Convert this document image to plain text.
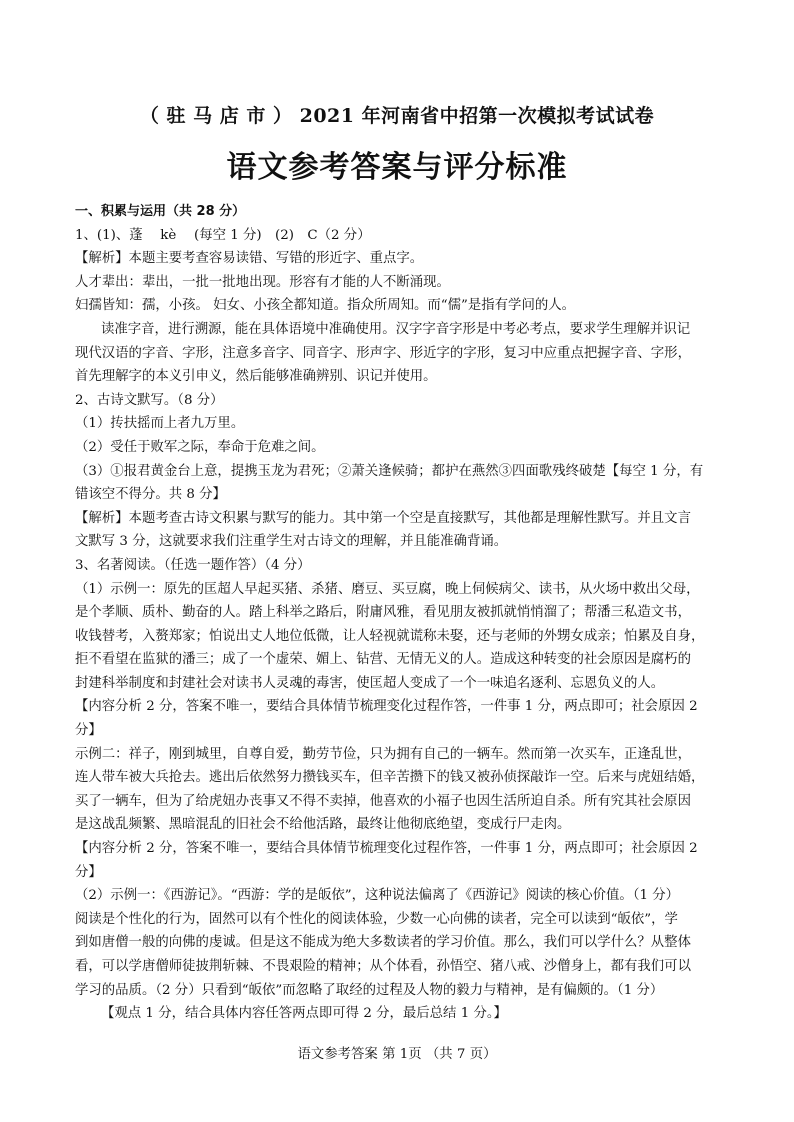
（ 驻 马 店 市 ） 2021 年河南省中招第一次模拟考试试卷
语文参考答案与评分标准

一、积累与运用（共 28 分）

1、(1)、蓬　 kè　 (每空 1 分)　(2)　C（2 分）

【解析】本题主要考查容易读错、写错的形近字、重点字。

人才辈出：辈出，一批一批地出现。形容有才能的人不断涌现。

妇孺皆知：孺，小孩。 妇女、小孩全都知道。指众所周知。而“儒”是指有学问的人。

读准字音，进行溯源，能在具体语境中准确使用。汉字字音字形是中考必考点，要求学生理解并识记

现代汉语的字音、字形，注意多音字、同音字、形声字、形近字的字形，复习中应重点把握字音、字形，

首先理解字的本义引申义，然后能够准确辨别、识记并使用。

2、古诗文默写。（8 分）

（1）抟扶摇而上者九万里。

（2）受任于败军之际，奉命于危难之间。

（3）①报君黄金台上意，提携玉龙为君死；②萧关逢候骑；都护在燕然③四面歌残终破楚【每空 1 分，有

错该空不得分。共 8 分】

【解析】本题考查古诗文积累与默写的能力。其中第一个空是直接默写，其他都是理解性默写。并且文言

文默写 3 分，这就要求我们注重学生对古诗文的理解，并且能准确背诵。

3、名著阅读。（任选一题作答）（4 分）

（1）示例一：原先的匡超人早起买猪、杀猪、磨豆、买豆腐，晚上伺候病父、读书，从火场中救出父母，

是个孝顺、质朴、勤奋的人。踏上科举之路后，附庸风雅，看见朋友被抓就悄悄溜了；帮潘三私造文书，

收钱替考，入赘郑家；怕说出丈人地位低微，让人轻视就谎称未娶，还与老师的外甥女成亲；怕累及自身，

拒不看望在监狱的潘三；成了一个虚荣、媚上、钻营、无情无义的人。造成这种转变的社会原因是腐朽的

封建科举制度和封建社会对读书人灵魂的毒害，使匡超人变成了一个一味追名逐利、忘恩负义的人。

【内容分析 2 分，答案不唯一，要结合具体情节梳理变化过程作答，一件事 1 分，两点即可；社会原因 2

分】

示例二：祥子，刚到城里，自尊自爱，勤劳节俭，只为拥有自己的一辆车。然而第一次买车，正逢乱世，

连人带车被大兵抢去。逃出后依然努力攒钱买车，但辛苦攒下的钱又被孙侦探敲诈一空。后来与虎妞结婚，

买了一辆车，但为了给虎妞办丧事又不得不卖掉，他喜欢的小福子也因生活所迫自杀。所有究其社会原因

是这战乱频繁、黑暗混乱的旧社会不给他活路，最终让他彻底绝望，变成行尸走肉。

【内容分析 2 分，答案不唯一，要结合具体情节梳理变化过程作答，一件事 1 分，两点即可；社会原因 2

分】

（2）示例一：《西游记》。“西游：学的是皈依”，这种说法偏离了《西游记》阅读的核心价值。（1 分）

阅读是个性化的行为，固然可以有个性化的阅读体验，少数一心向佛的读者，完全可以读到“皈依”，学

到如唐僧一般的向佛的虔诚。但是这不能成为绝大多数读者的学习价值。那么，我们可以学什么？从整体

看，可以学唐僧师徒披荆斩棘、不畏艰险的精神；从个体看，孙悟空、猪八戒、沙僧身上，都有我们可以

学习的品质。（2 分）只看到“皈依”而忽略了取经的过程及人物的毅力与精神，是有偏颇的。（1 分）

【观点 1 分，结合具体内容任答两点即可得 2 分，最后总结 1 分。】

语文参考答案 第 1页 （共 7 页）
